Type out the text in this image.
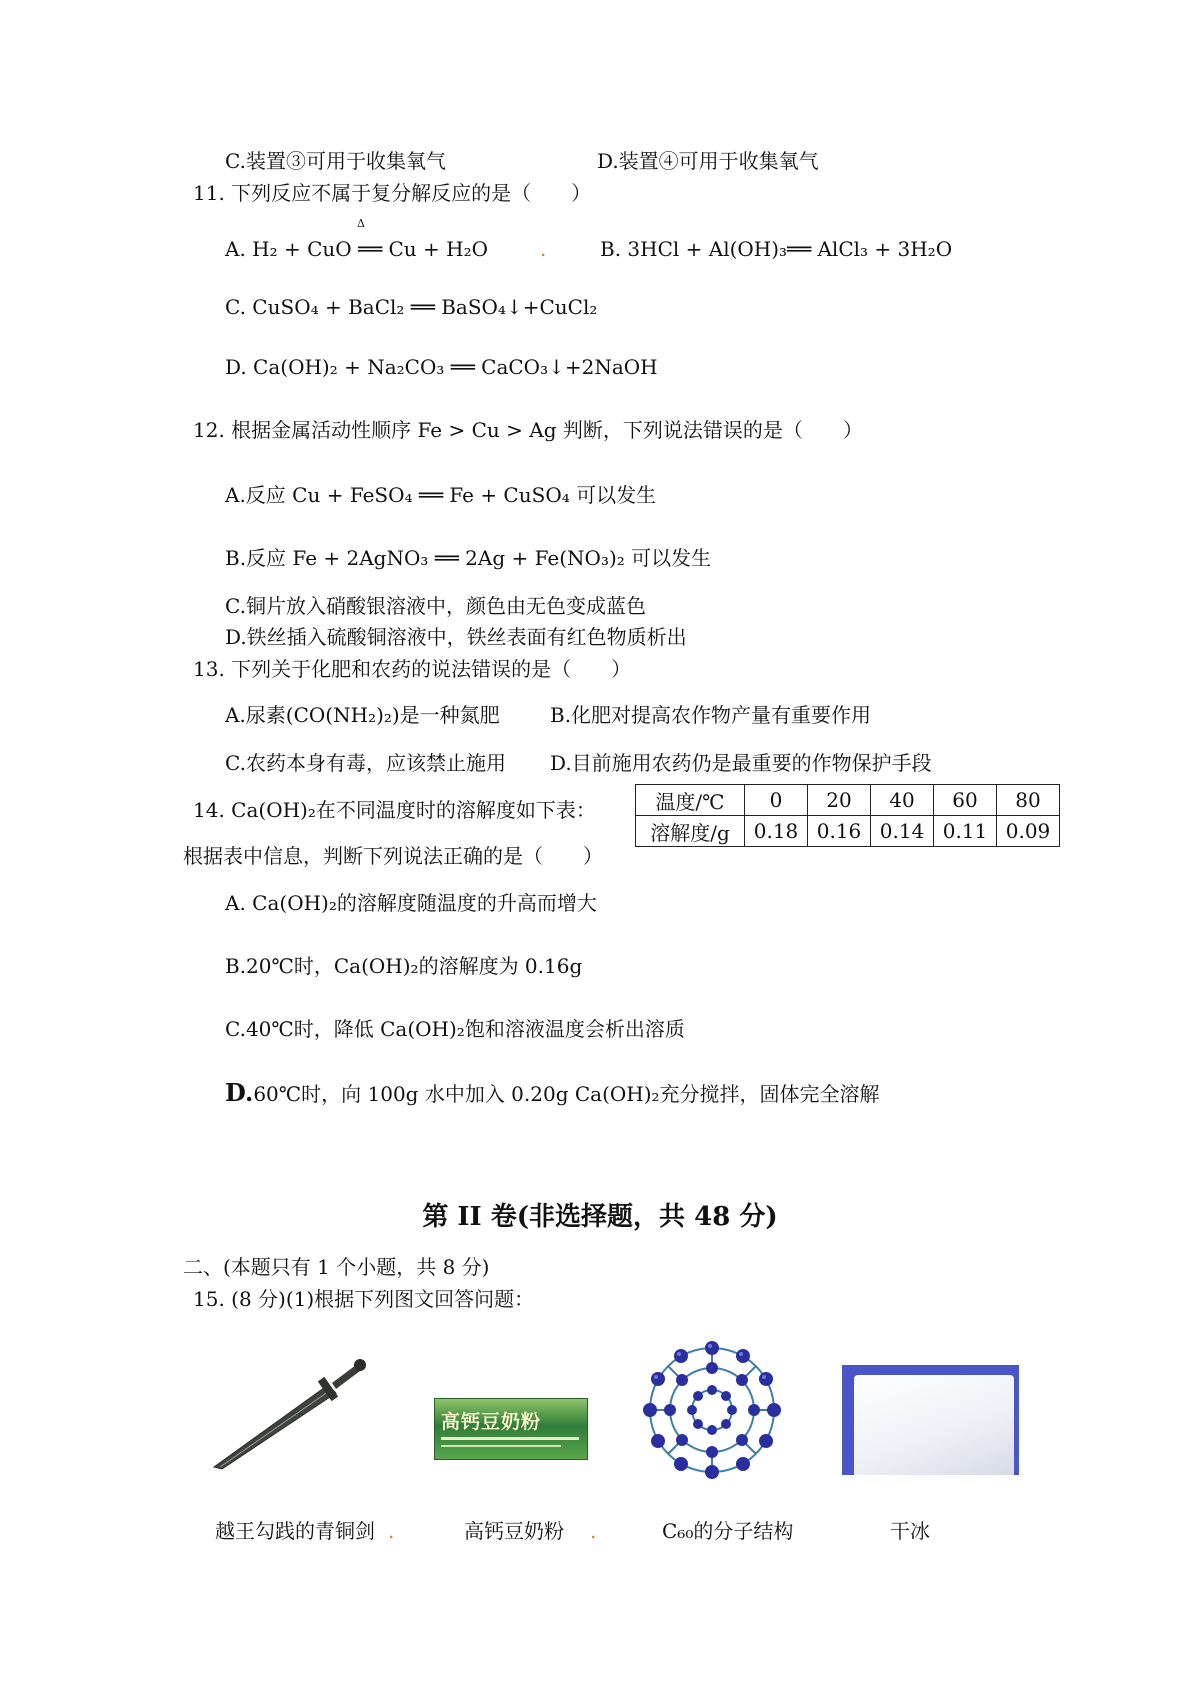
C.装置③可用于收集氧气	D.装置④可用于收集氧气
11. 下列反应不属于复分解反应的是（　　）
Δ
A. H₂ + CuO ══ Cu + H₂O	.	B. 3HCl + Al(OH)₃══ AlCl₃ + 3H₂O
C. CuSO₄ + BaCl₂ ══ BaSO₄↓+CuCl₂
D. Ca(OH)₂ + Na₂CO₃ ══ CaCO₃↓+2NaOH
12. 根据金属活动性顺序 Fe > Cu > Ag 判断，下列说法错误的是（　　）
A.反应 Cu + FeSO₄ ══ Fe + CuSO₄ 可以发生
B.反应 Fe + 2AgNO₃ ══ 2Ag + Fe(NO₃)₂ 可以发生
C.铜片放入硝酸银溶液中，颜色由无色变成蓝色
D.铁丝插入硫酸铜溶液中，铁丝表面有红色物质析出
13. 下列关于化肥和农药的说法错误的是（　　）
A.尿素(CO(NH₂)₂)是一种氮肥	B.化肥对提高农作物产量有重要作用
C.农药本身有毒，应该禁止施用 D.目前施用农药仍是最重要的作物保护手段
14. Ca(OH)₂在不同温度时的溶解度如下表：
根据表中信息，判断下列说法正确的是（　　）
温度/℃	0	20	40	60	80
溶解度/g	0.18	0.16	0.14	0.11	0.09
A. Ca(OH)₂的溶解度随温度的升高而增大
B.20℃时，Ca(OH)₂的溶解度为 0.16g
C.40℃时，降低 Ca(OH)₂饱和溶液温度会析出溶质
D.60℃时，向 100g 水中加入 0.20g Ca(OH)₂充分搅拌，固体完全溶解
第 II 卷(非选择题，共 48 分)
二、(本题只有 1 个小题，共 8 分)
15. (8 分)(1)根据下列图文回答问题：
高钙豆奶粉
越王勾践的青铜剑 .	高钙豆奶粉 .	C₆₀的分子结构	干冰
